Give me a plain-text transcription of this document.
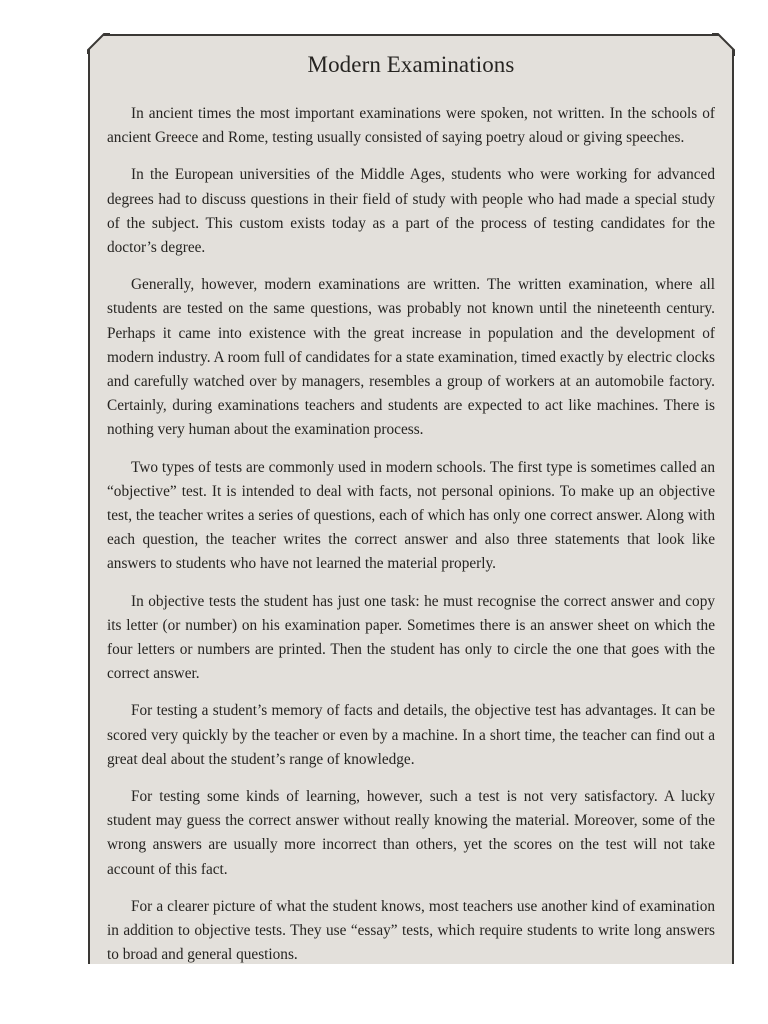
Modern Examinations

In ancient times the most important examinations were spoken, not written. In the schools of ancient Greece and Rome, testing usually consisted of saying poetry aloud or giving speeches.

In the European universities of the Middle Ages, students who were working for advanced degrees had to discuss questions in their field of study with people who had made a special study of the subject. This custom exists today as a part of the process of testing candidates for the doctor’s degree.

Generally, however, modern examinations are written. The written examination, where all students are tested on the same questions, was probably not known until the nineteenth century. Perhaps it came into existence with the great increase in population and the development of modern industry. A room full of candidates for a state examination, timed exactly by electric clocks and carefully watched over by managers, resembles a group of workers at an automobile factory. Certainly, during examinations teachers and students are expected to act like machines. There is nothing very human about the examination process.

Two types of tests are commonly used in modern schools. The first type is sometimes called an “objective” test. It is intended to deal with facts, not personal opinions. To make up an objective test, the teacher writes a series of questions, each of which has only one correct answer. Along with each question, the teacher writes the correct answer and also three statements that look like answers to students who have not learned the material properly.

In objective tests the student has just one task: he must recognise the correct answer and copy its letter (or number) on his examination paper. Sometimes there is an answer sheet on which the four letters or numbers are printed. Then the student has only to circle the one that goes with the correct answer.

For testing a student’s memory of facts and details, the objective test has advantages. It can be scored very quickly by the teacher or even by a machine. In a short time, the teacher can find out a great deal about the student’s range of knowledge.

For testing some kinds of learning, however, such a test is not very satisfactory. A lucky student may guess the correct answer without really knowing the material. Moreover, some of the wrong answers are usually more incorrect than others, yet the scores on the test will not take account of this fact.

For a clearer picture of what the student knows, most teachers use another kind of examination in addition to objective tests. They use “essay” tests, which require students to write long answers to broad and general questions.
